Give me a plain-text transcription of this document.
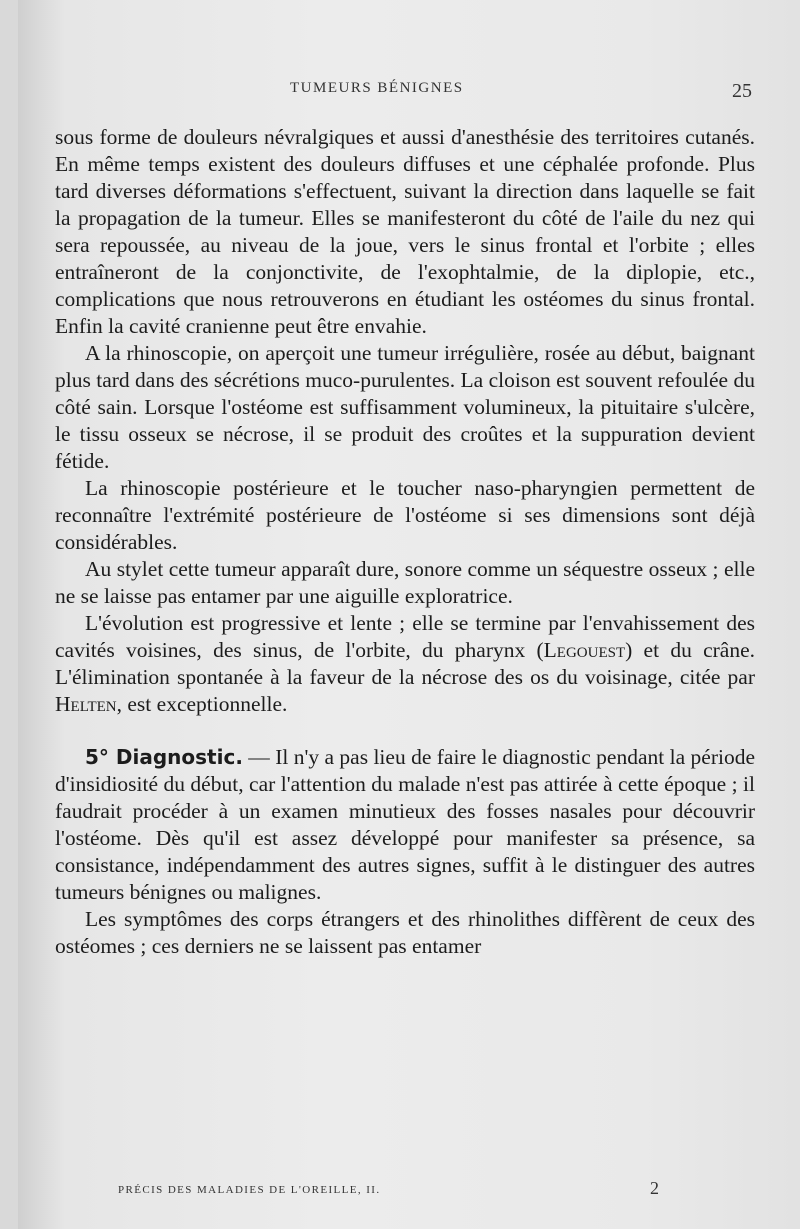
TUMEURS BÉNIGNES	25

sous forme de douleurs névralgiques et aussi d'anesthésie des territoires cutanés. En même temps existent des douleurs diffuses et une céphalée profonde. Plus tard diverses déformations s'effectuent, suivant la direction dans laquelle se fait la propagation de la tumeur. Elles se manifesteront du côté de l'aile du nez qui sera repoussée, au niveau de la joue, vers le sinus frontal et l'orbite ; elles entraîneront de la conjonctivite, de l'exophtalmie, de la diplopie, etc., complications que nous retrouverons en étudiant les ostéomes du sinus frontal. Enfin la cavité cranienne peut être envahie.

A la rhinoscopie, on aperçoit une tumeur irrégulière, rosée au début, baignant plus tard dans des sécrétions muco-purulentes. La cloison est souvent refoulée du côté sain. Lorsque l'ostéome est suffisamment volumineux, la pituitaire s'ulcère, le tissu osseux se nécrose, il se produit des croûtes et la suppuration devient fétide.

La rhinoscopie postérieure et le toucher naso-pharyngien permettent de reconnaître l'extrémité postérieure de l'ostéome si ses dimensions sont déjà considérables.

Au stylet cette tumeur apparaît dure, sonore comme un séquestre osseux ; elle ne se laisse pas entamer par une aiguille exploratrice.

L'évolution est progressive et lente ; elle se termine par l'envahissement des cavités voisines, des sinus, de l'orbite, du pharynx (Legouest) et du crâne. L'élimination spontanée à la faveur de la nécrose des os du voisinage, citée par Helten, est exceptionnelle.

5° Diagnostic. — Il n'y a pas lieu de faire le diagnostic pendant la période d'insidiosité du début, car l'attention du malade n'est pas attirée à cette époque ; il faudrait procéder à un examen minutieux des fosses nasales pour découvrir l'ostéome. Dès qu'il est assez développé pour manifester sa présence, sa consistance, indépendamment des autres signes, suffit à le distinguer des autres tumeurs bénignes ou malignes.

Les symptômes des corps étrangers et des rhinolithes diffèrent de ceux des ostéomes ; ces derniers ne se laissent pas entamer

PRÉCIS DES MALADIES DE L'OREILLE, II.	2
